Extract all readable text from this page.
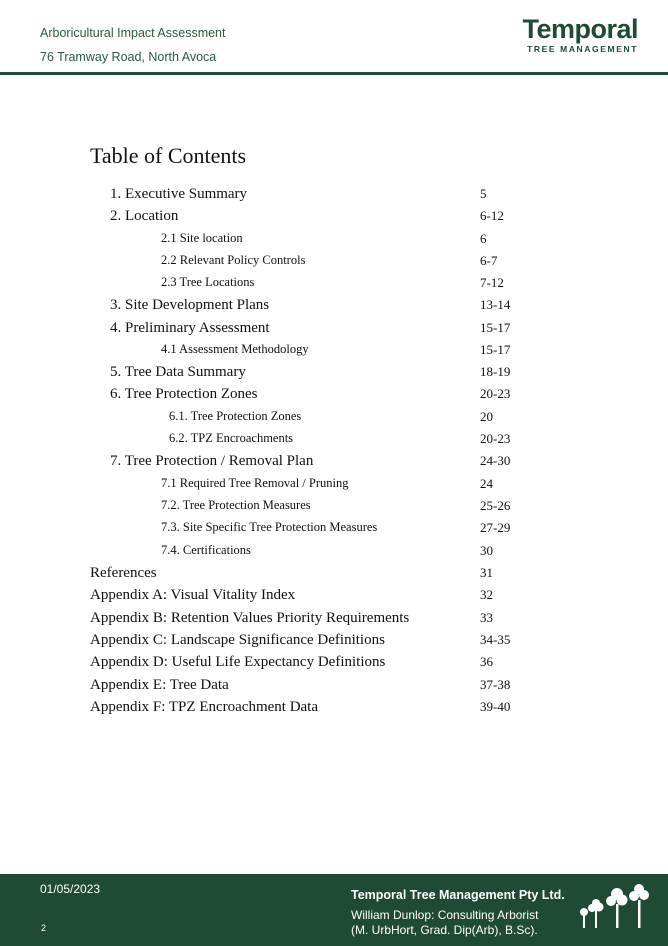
Arboricultural Impact Assessment
76 Tramway Road, North Avoca
Temporal
TREE MANAGEMENT
Table of Contents
1. Executive Summary	5
2. Location	6-12
2.1 Site location	6
2.2 Relevant Policy Controls	6-7
2.3 Tree Locations	7-12
3. Site Development Plans	13-14
4. Preliminary Assessment	15-17
4.1 Assessment Methodology	15-17
5. Tree Data Summary	18-19
6. Tree Protection Zones	20-23
6.1. Tree Protection Zones	20
6.2. TPZ Encroachments	20-23
7. Tree Protection / Removal Plan	24-30
7.1 Required Tree Removal / Pruning	24
7.2. Tree Protection Measures	25-26
7.3. Site Specific Tree Protection Measures	27-29
7.4. Certifications	30
References	31
Appendix A: Visual Vitality Index	32
Appendix B: Retention Values Priority Requirements	33
Appendix C: Landscape Significance Definitions	34-35
Appendix D: Useful Life Expectancy Definitions	36
Appendix E: Tree Data	37-38
Appendix F: TPZ Encroachment Data	39-40
01/05/2023
2
Temporal Tree Management Pty Ltd.
William Dunlop: Consulting Arborist
(M. UrbHort, Grad. Dip(Arb), B.Sc).
